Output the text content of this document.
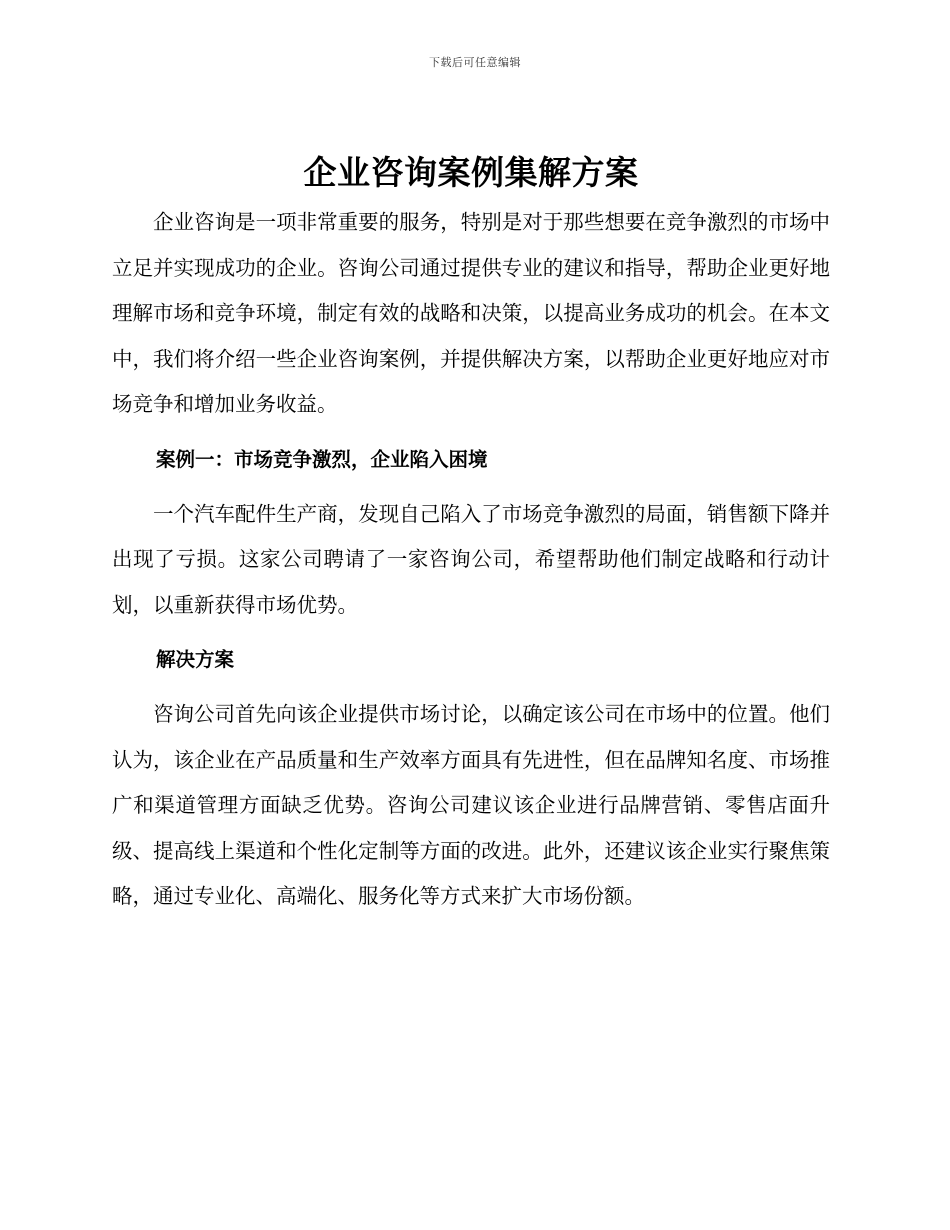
下载后可任意编辑
企业咨询案例集解方案

企业咨询是一项非常重要的服务，特别是对于那些想要在竞争激烈的市场中立足并实现成功的企业。咨询公司通过提供专业的建议和指导，帮助企业更好地理解市场和竞争环境，制定有效的战略和决策，以提高业务成功的机会。在本文中，我们将介绍一些企业咨询案例，并提供解决方案，以帮助企业更好地应对市场竞争和增加业务收益。

案例一：市场竞争激烈，企业陷入困境

一个汽车配件生产商，发现自己陷入了市场竞争激烈的局面，销售额下降并出现了亏损。这家公司聘请了一家咨询公司，希望帮助他们制定战略和行动计划，以重新获得市场优势。

解决方案

咨询公司首先向该企业提供市场讨论，以确定该公司在市场中的位置。他们认为，该企业在产品质量和生产效率方面具有先进性，但在品牌知名度、市场推广和渠道管理方面缺乏优势。咨询公司建议该企业进行品牌营销、零售店面升级、提高线上渠道和个性化定制等方面的改进。此外，还建议该企业实行聚焦策略，通过专业化、高端化、服务化等方式来扩大市场份额。
